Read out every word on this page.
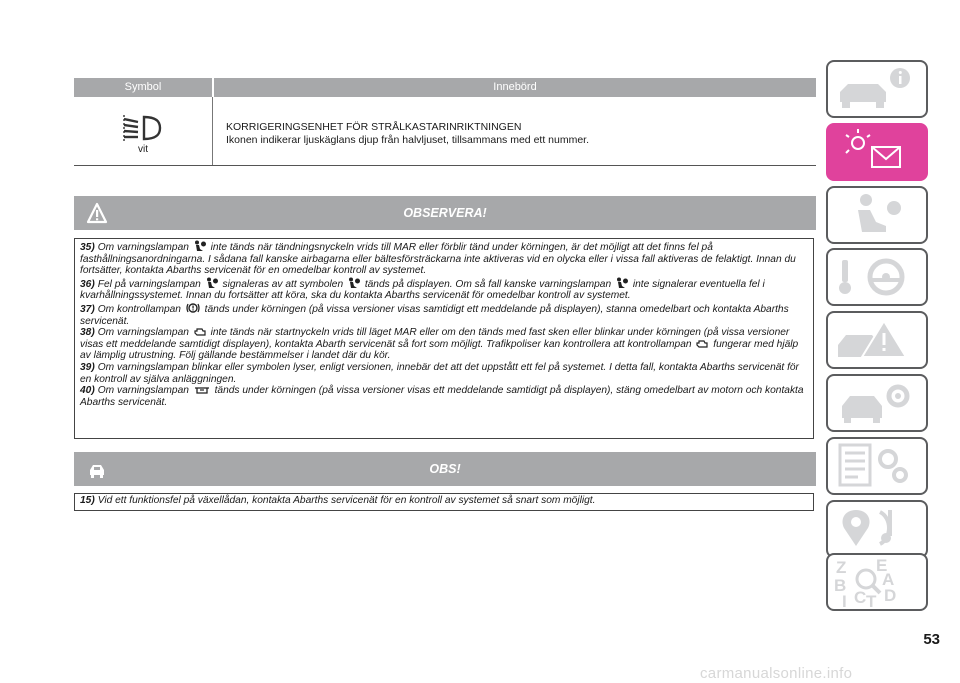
Symbol	Innebörd
vit
KORRIGERINGSENHET FÖR STRÅLKASTARINRIKTNINGEN
Ikonen indikerar ljuskäglans djup från halvljuset, tillsammans med ett nummer.
OBSERVERA!

35) Om varningslampan inte tänds när tändningsnyckeln vrids till MAR eller förblir tänd under körningen, är det möjligt att det finns fel på fasthållningsanordningarna. I sådana fall kanske airbagarna eller bältesförsträckarna inte aktiveras vid en olycka eller i vissa fall aktiveras de felaktigt. Innan du fortsätter, kontakta Abarths servicenät för en omedelbar kontroll av systemet.

36) Fel på varningslampan signaleras av att symbolen tänds på displayen. Om så fall kanske varningslampan inte signalerar eventuella fel i kvarhållningssystemet. Innan du fortsätter att köra, ska du kontakta Abarths servicenät för omedelbar kontroll av systemet.

37) Om kontrollampan tänds under körningen (på vissa versioner visas samtidigt ett meddelande på displayen), stanna omedelbart och kontakta Abarths servicenät.

38) Om varningslampan inte tänds när startnyckeln vrids till läget MAR eller om den tänds med fast sken eller blinkar under körningen (på vissa versioner visas ett meddelande samtidigt displayen), kontakta Abarth servicenät så fort som möjligt. Trafikpoliser kan kontrollera att kontrollampan fungerar med hjälp av lämplig utrustning. Följ gällande bestämmelser i landet där du kör.

39) Om varningslampan blinkar eller symbolen lyser, enligt versionen, innebär det att det uppstått ett fel på systemet. I detta fall, kontakta Abarths servicenät för en kontroll av själva anläggningen.

40) Om varningslampan	tänds under körningen (på vissa versioner visas ett meddelande samtidigt på displayen), stäng omedelbart av motorn och kontakta Abarths servicenät.

OBS!

15) Vid ett funktionsfel på växellådan, kontakta Abarths servicenät för en kontroll av systemet så snart som möjligt.

Z E
B A
I C D
T
53
carmanualsonline.info
